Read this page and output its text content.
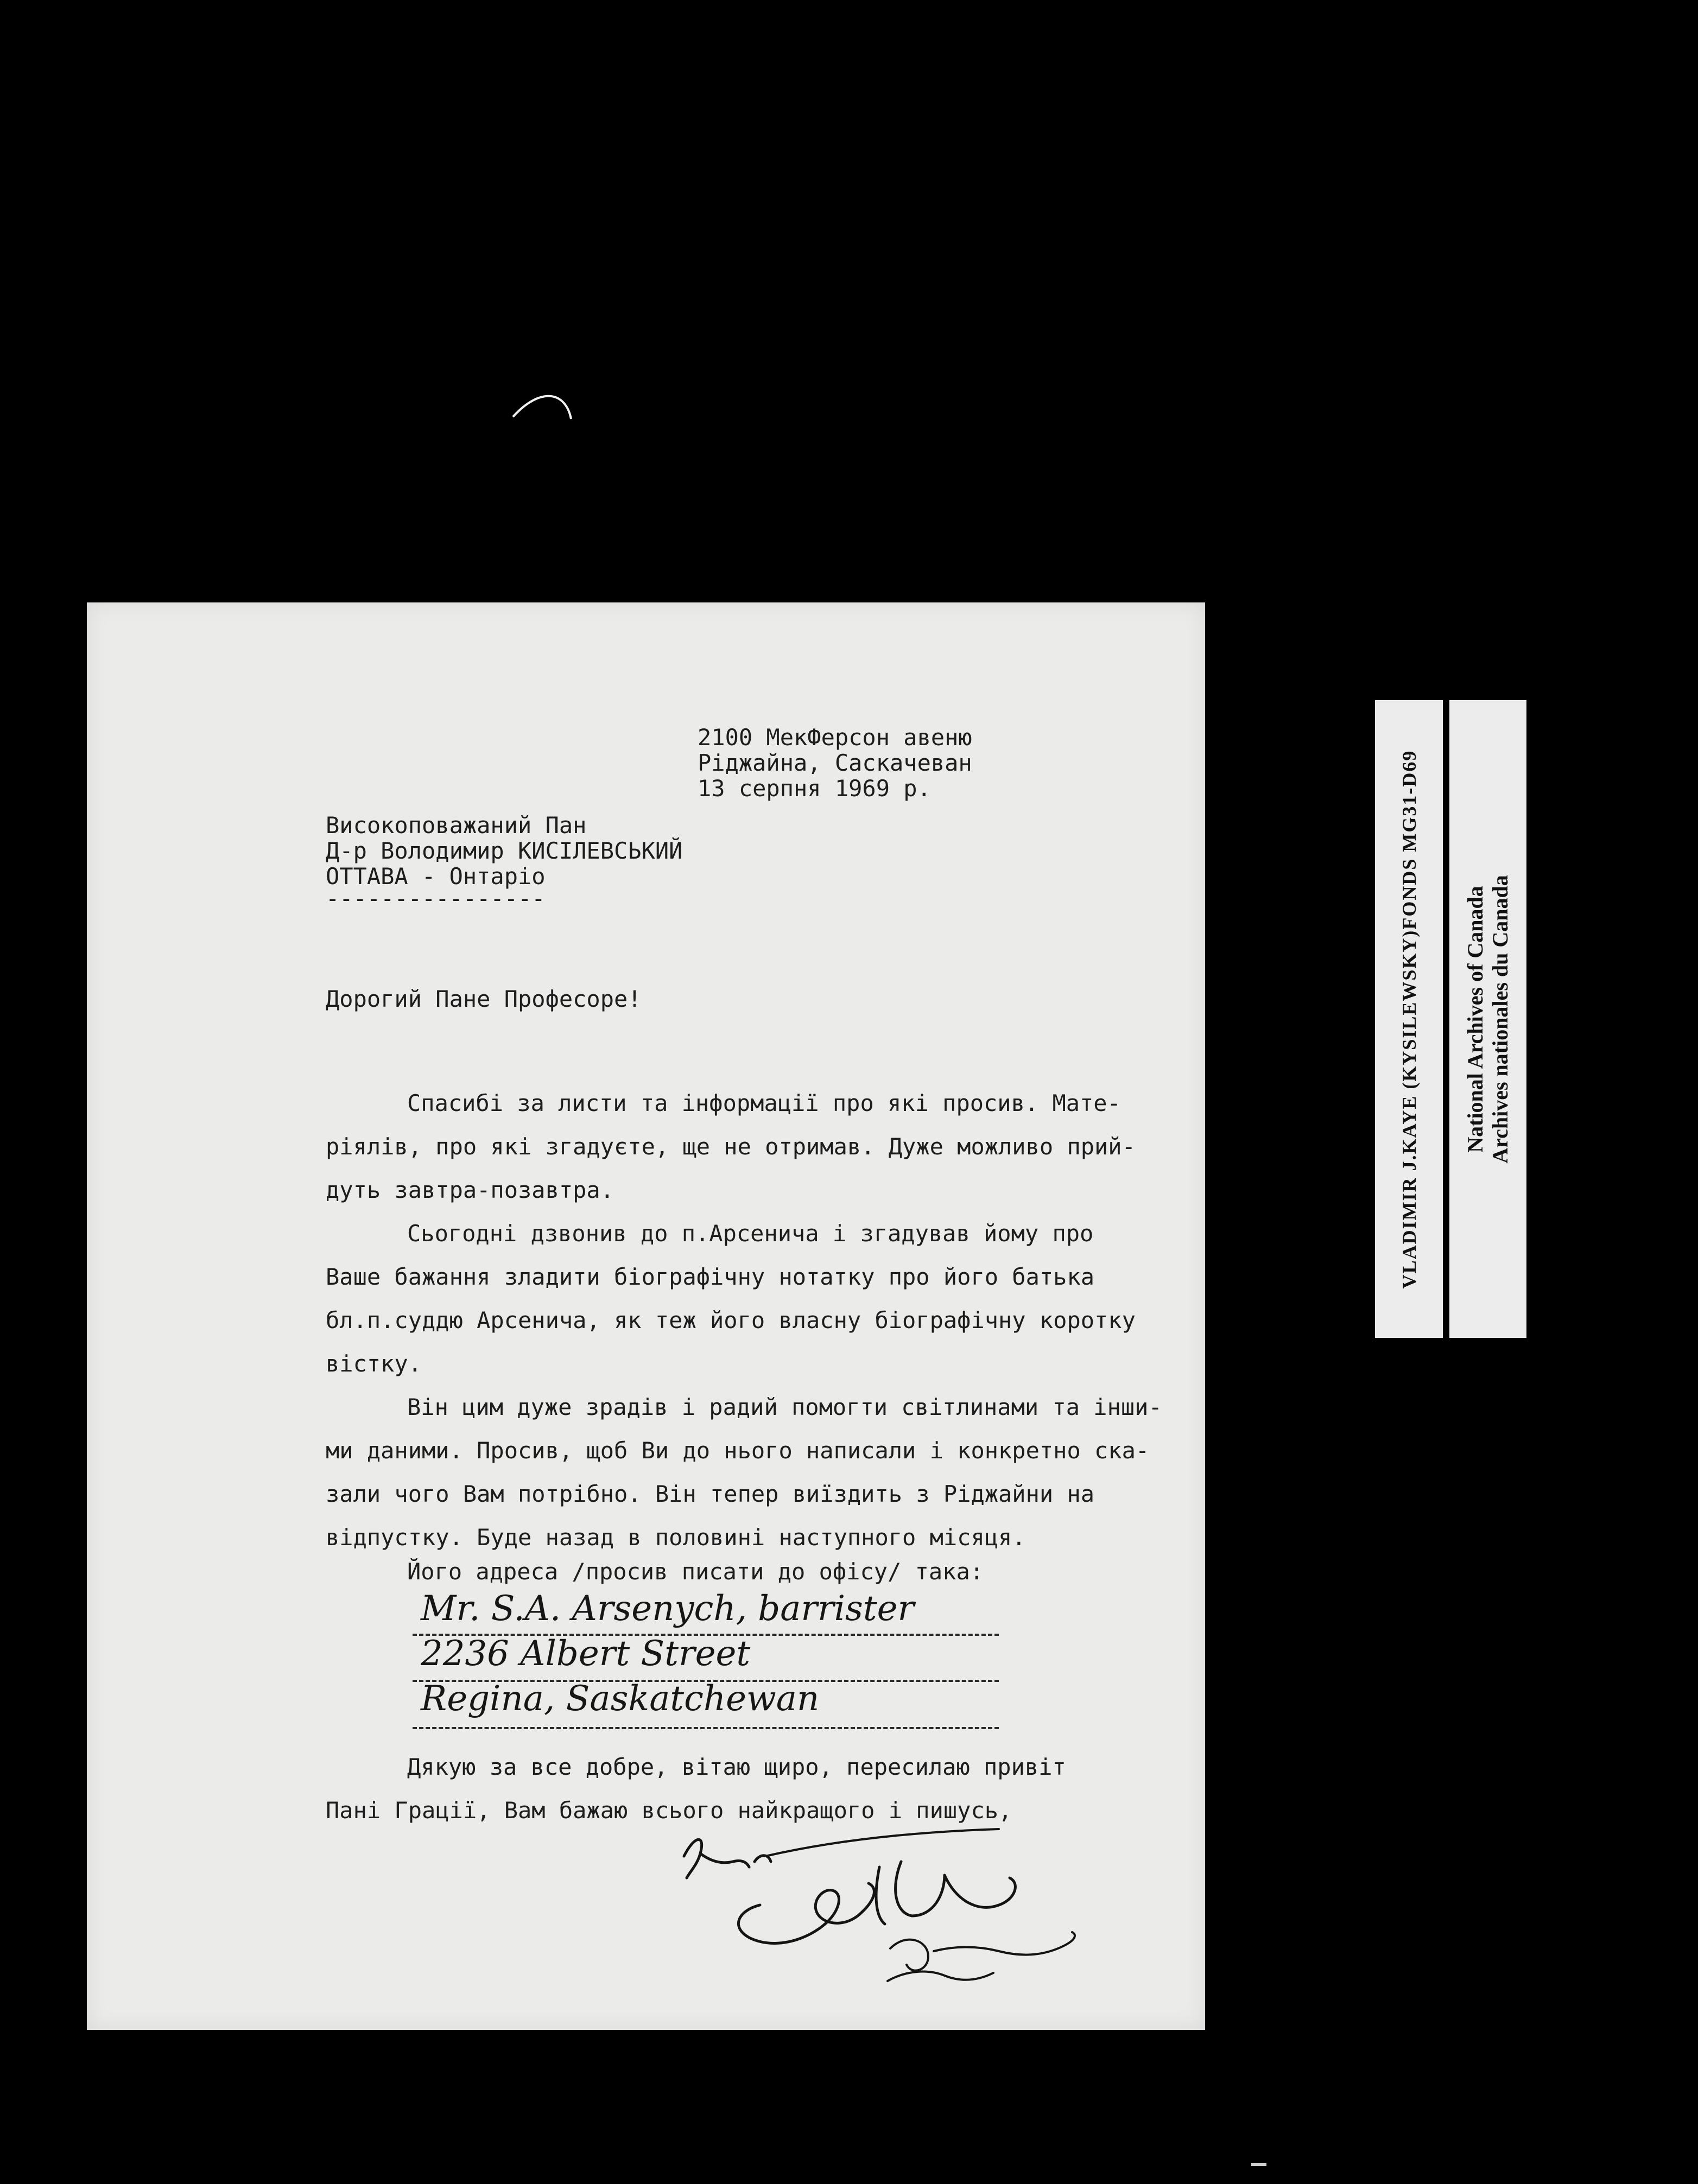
2100 МекФерсон авеню
Ріджайна, Саскачеван
13 серпня 1969 р.
Високоповажаний Пан
Д-р Володимир КИСІЛЕВСЬКИЙ
ОТТАВА - Онтаріо
----------------
Дорогий Пане Професоре!
Спасибі за листи та інформації про які просив. Мате-
ріялів, про які згадуєте, ще не отримав. Дуже можливо прий-
дуть завтра-позавтра.
Сьогодні дзвонив до п.Арсенича і згадував йому про
Ваше бажання зладити біографічну нотатку про його батька
бл.п.суддю Арсенича, як теж його власну біографічну коротку
вістку.
Він цим дуже зрадів і радий помогти світлинами та інши-
ми даними. Просив, щоб Ви до нього написали і конкретно ска-
зали чого Вам потрібно. Він тепер виїздить з Ріджайни на
відпустку. Буде назад в половині наступного місяця.
Його адреса /просив писати до офісу/ така:
Mr. S.A. Arsenych, barrister
2236 Albert Street
Regina, Saskatchewan
Дякую за все добре, вітаю щиро, пересилаю привіт
Пані Грації, Вам бажаю всього найкращого і пишусь,
VLADIMIR J.KAYE (KYSILEWSKY)FONDS MG31-D69 National Archives of Canada Archives nationales du Canada
